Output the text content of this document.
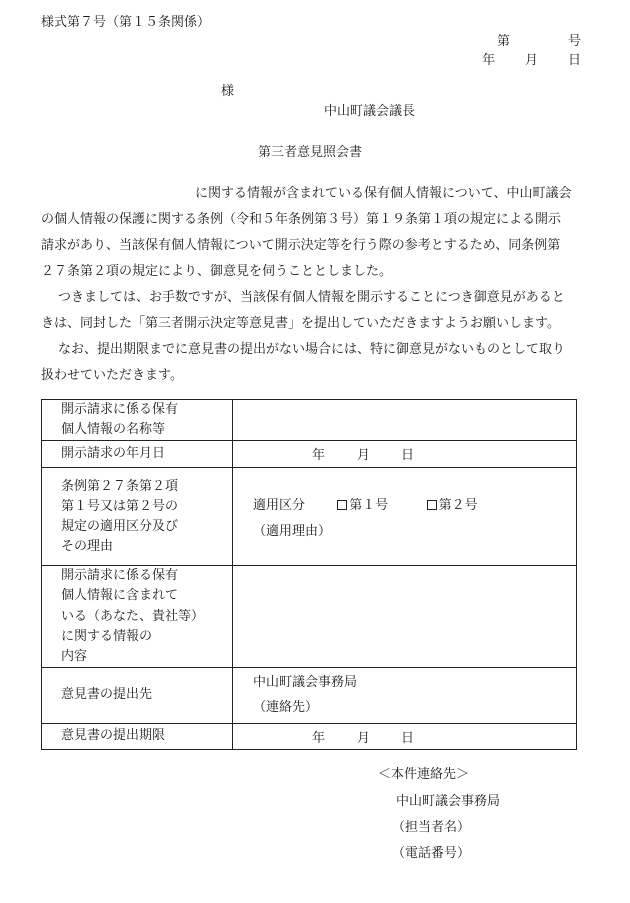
様式第７号（第１５条関係）
第	号
年 月 日
様
中山町議会議長
第三者意見照会書
に関する情報が含まれている保有個人情報について、中山町議会
の個人情報の保護に関する条例（令和５年条例第３号）第１９条第１項の規定による開示
請求があり、当該保有個人情報について開示決定等を行う際の参考とするため、同条例第
２７条第２項の規定により、御意見を伺うこととしました。
つきましては、お手数ですが、当該保有個人情報を開示することにつき御意見があると
きは、同封した「第三者開示決定等意見書」を提出していただきますようお願いします。
なお、提出期限までに意見書の提出がない場合には、特に御意見がないものとして取り
扱わせていただきます。
開示請求に係る保有
個人情報の名称等	

開示請求の年月日	年 月 日

条例第２７条第２項
第１号又は第２号の
規定の適用区分及び
その理由	適用区分 第１号 第２号
（適用理由）

開示請求に係る保有
個人情報に含まれて
いる（あなた、貴社等）
に関する情報の
内容	

意見書の提出先	中山町議会事務局
（連絡先）

意見書の提出期限	年 月 日
＜本件連絡先＞
中山町議会事務局
（担当者名）
（電話番号）
